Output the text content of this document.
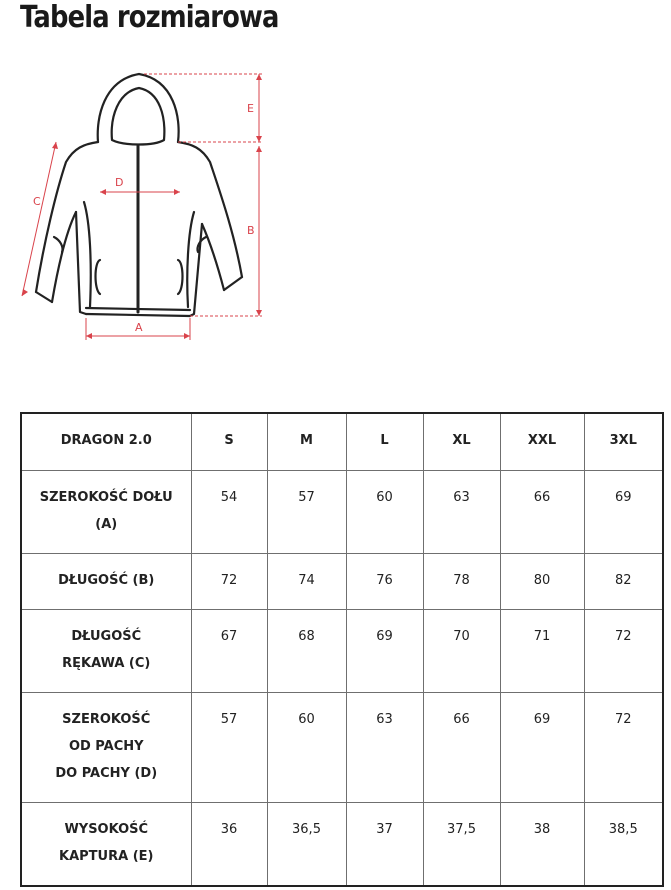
Tabela rozmiarowa
E
B
A
D
C
DRAGON 2.0	S	M	L	XL	XXL	3XL

SZEROKOŚĆ DOŁU
(A)	54	57	60	63	66	69

DŁUGOŚĆ (B)	72	74	76	78	80	82

DŁUGOŚĆ
RĘKAWA (C)	67	68	69	70	71	72

SZEROKOŚĆ
OD PACHY
DO PACHY (D)	57	60	63	66	69	72

WYSOKOŚĆ
KAPTURA (E)	36	36,5	37	37,5	38	38,5
